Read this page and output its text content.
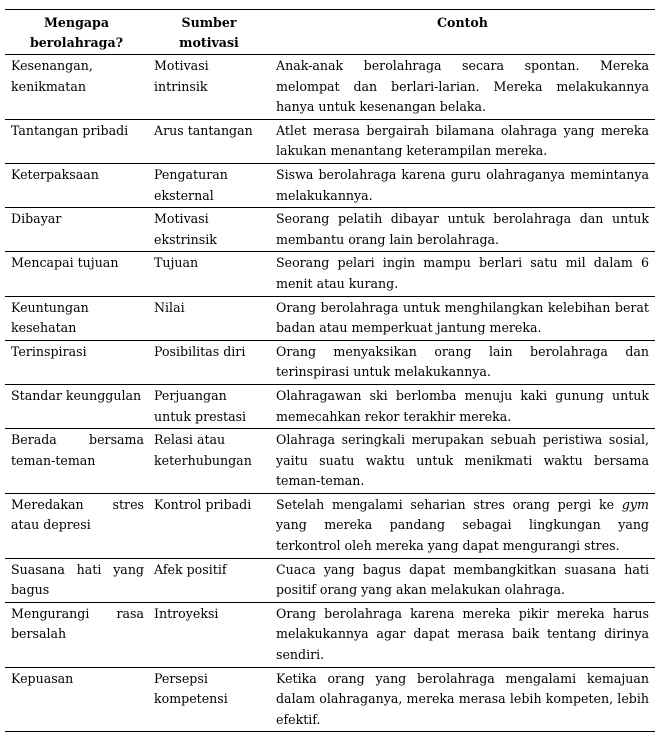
Mengapa berolahraga?	Sumber motivasi	Contoh
Kesenangan, kenikmatan	Motivasi intrinsik	Anak-anak berolahraga secara spontan. Mereka melompat dan berlari-larian. Mereka melakukannya hanya untuk kesenangan belaka.
Tantangan pribadi	Arus tantangan	Atlet merasa bergairah bilamana olahraga yang mereka lakukan menantang keterampilan mereka.
Keterpaksaan	Pengaturan eksternal	Siswa berolahraga karena guru olahraganya memintanya melakukannya.
Dibayar	Motivasi ekstrinsik	Seorang pelatih dibayar untuk berolahraga dan untuk membantu orang lain berolahraga.
Mencapai tujuan	Tujuan	Seorang pelari ingin mampu berlari satu mil dalam 6 menit atau kurang.
Keuntungan kesehatan	Nilai	Orang berolahraga untuk menghilangkan kelebihan berat badan atau memperkuat jantung mereka.
Terinspirasi	Posibilitas diri	Orang menyaksikan orang lain berolahraga dan terinspirasi untuk melakukannya.
Standar keunggulan	Perjuangan untuk prestasi	Olahragawan ski berlomba menuju kaki gunung untuk memecahkan rekor terakhir mereka.
Berada bersama teman-teman	Relasi atau keterhubungan	Olahraga seringkali merupakan sebuah peristiwa sosial, yaitu suatu waktu untuk menikmati waktu bersama teman-teman.
Meredakan stres atau depresi	Kontrol pribadi	Setelah mengalami seharian stres orang pergi ke gym yang mereka pandang sebagai lingkungan yang terkontrol oleh mereka yang dapat mengurangi stres.
Suasana hati yang bagus	Afek positif	Cuaca yang bagus dapat membangkitkan suasana hati positif orang yang akan melakukan olahraga.
Mengurangi rasa bersalah	Introyeksi	Orang berolahraga karena mereka pikir mereka harus melakukannya agar dapat merasa baik tentang dirinya sendiri.
Kepuasan	Persepsi kompetensi	Ketika orang yang berolahraga mengalami kemajuan dalam olahraganya, mereka merasa lebih kompeten, lebih efektif.
